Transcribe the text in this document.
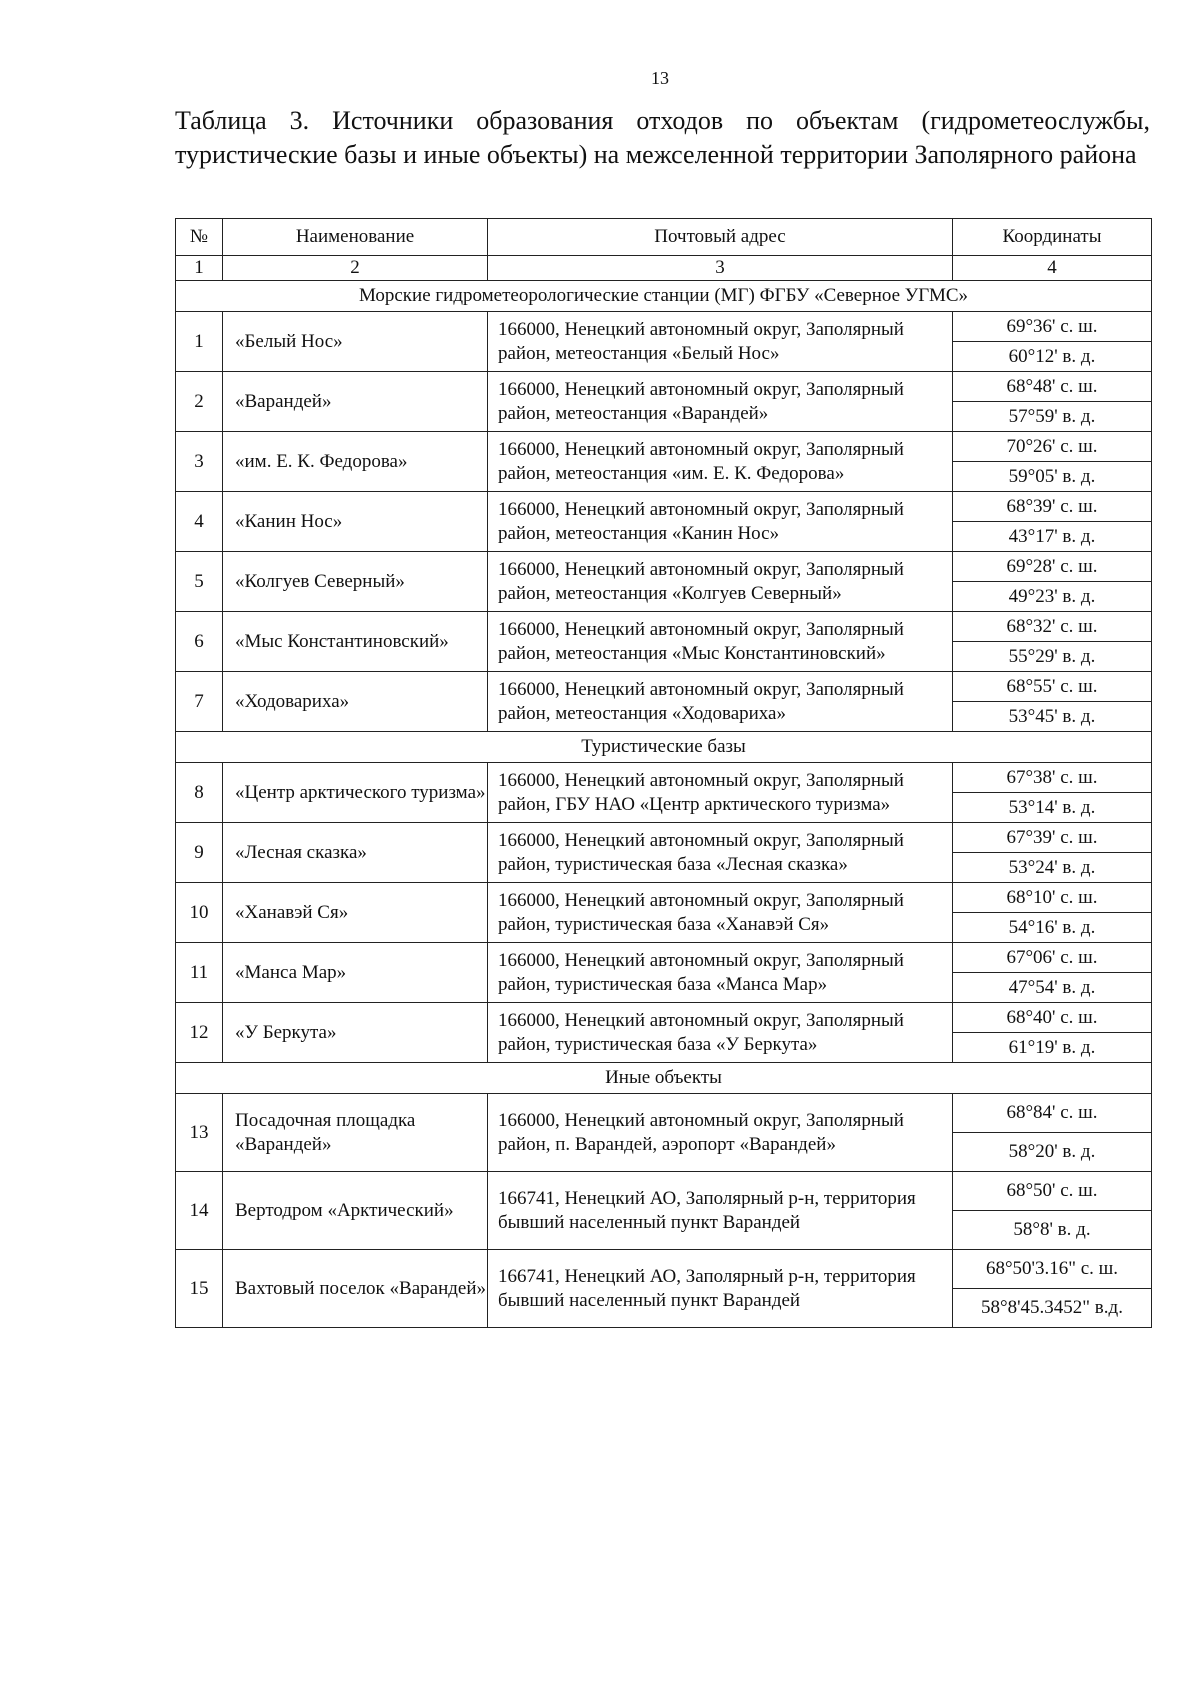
13
Таблица 3. Источники образования отходов по объектам (гидрометеослужбы, туристические базы и иные объекты) на межселенной территории Заполярного района
№	Наименование	Почтовый адрес	Координаты
1	2	3	4
Морские гидрометеорологические станции (МГ) ФГБУ «Северное УГМС»			
1	«Белый Нос»	166000, Ненецкий автономный округ, Заполярный район, метеостанция «Белый Нос»	69°36' с. ш.
			60°12' в. д.
2	«Варандей»	166000, Ненецкий автономный округ, Заполярный район, метеостанция «Варандей»	68°48' с. ш.
			57°59' в. д.
3	«им. Е. К. Федорова»	166000, Ненецкий автономный округ, Заполярный район, метеостанция «им. Е. К. Федорова»	70°26' с. ш.
			59°05' в. д.
4	«Канин Нос»	166000, Ненецкий автономный округ, Заполярный район, метеостанция «Канин Нос»	68°39' с. ш.
			43°17' в. д.
5	«Колгуев Северный»	166000, Ненецкий автономный округ, Заполярный район, метеостанция «Колгуев Северный»	69°28' с. ш.
			49°23' в. д.
6	«Мыс Константиновский»	166000, Ненецкий автономный округ, Заполярный район, метеостанция «Мыс Константиновский»	68°32' с. ш.
			55°29' в. д.
7	«Ходовариха»	166000, Ненецкий автономный округ, Заполярный район, метеостанция «Ходовариха»	68°55' с. ш.
			53°45' в. д.
Туристические базы			
8	«Центр арктического туризма»	166000, Ненецкий автономный округ, Заполярный район, ГБУ НАО «Центр арктического туризма»	67°38' с. ш.
			53°14' в. д.
9	«Лесная сказка»	166000, Ненецкий автономный округ, Заполярный район, туристическая база «Лесная сказка»	67°39' с. ш.
			53°24' в. д.
10	«Ханавэй Ся»	166000, Ненецкий автономный округ, Заполярный район, туристическая база «Ханавэй Ся»	68°10' с. ш.
			54°16' в. д.
11	«Манса Мар»	166000, Ненецкий автономный округ, Заполярный район, туристическая база «Манса Мар»	67°06' с. ш.
			47°54' в. д.
12	«У Беркута»	166000, Ненецкий автономный округ, Заполярный район, туристическая база «У Беркута»	68°40' с. ш.
			61°19' в. д.
Иные объекты			
13	Посадочная площадка «Варандей»	166000, Ненецкий автономный округ, Заполярный район, п. Варандей, аэропорт «Варандей»	68°84' с. ш.
			58°20' в. д.
14	Вертодром «Арктический»	166741, Ненецкий АО, Заполярный р-н, территория бывший населенный пункт Варандей	68°50' с. ш.
			58°8' в. д.
15	Вахтовый поселок «Варандей»	166741, Ненецкий АО, Заполярный р-н, территория бывший населенный пункт Варандей	68°50'3.16" с. ш.
			58°8'45.3452" в.д.
